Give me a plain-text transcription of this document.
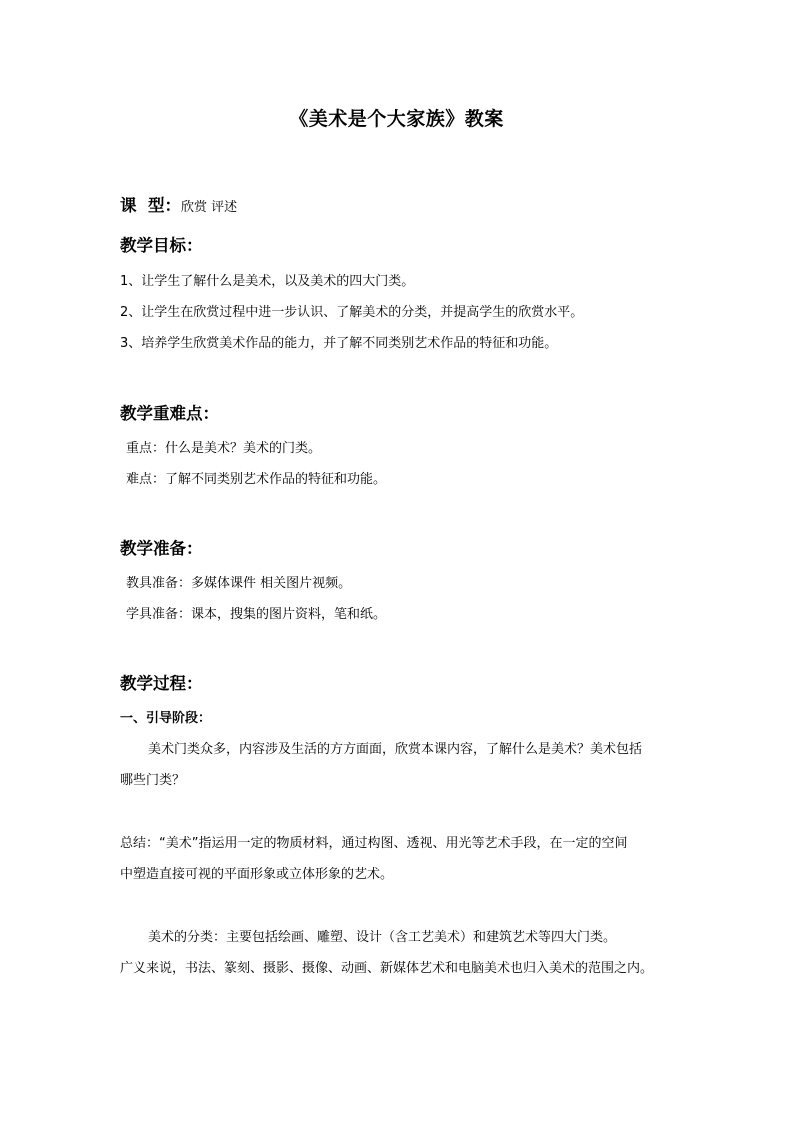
《美术是个大家族》教案
课  型：欣赏 评述
教学目标：
1、让学生了解什么是美术，以及美术的四大门类。
2、让学生在欣赏过程中进一步认识、了解美术的分类，并提高学生的欣赏水平。
3、培养学生欣赏美术作品的能力，并了解不同类别艺术作品的特征和功能。
教学重难点：
重点：什么是美术？美术的门类。
难点：了解不同类别艺术作品的特征和功能。
教学准备：
教具准备：多媒体课件 相关图片视频。
学具准备：课本，搜集的图片资料，笔和纸。
教学过程：
一、引导阶段：
美术门类众多，内容涉及生活的方方面面，欣赏本课内容，了解什么是美术？美术包括
哪些门类？
总结：“美术”指运用一定的物质材料，通过构图、透视、用光等艺术手段，在一定的空间
中塑造直接可视的平面形象或立体形象的艺术。
美术的分类：主要包括绘画、雕塑、设计（含工艺美术）和建筑艺术等四大门类。
广义来说，书法、篆刻、摄影、摄像、动画、新媒体艺术和电脑美术也归入美术的范围之内。
